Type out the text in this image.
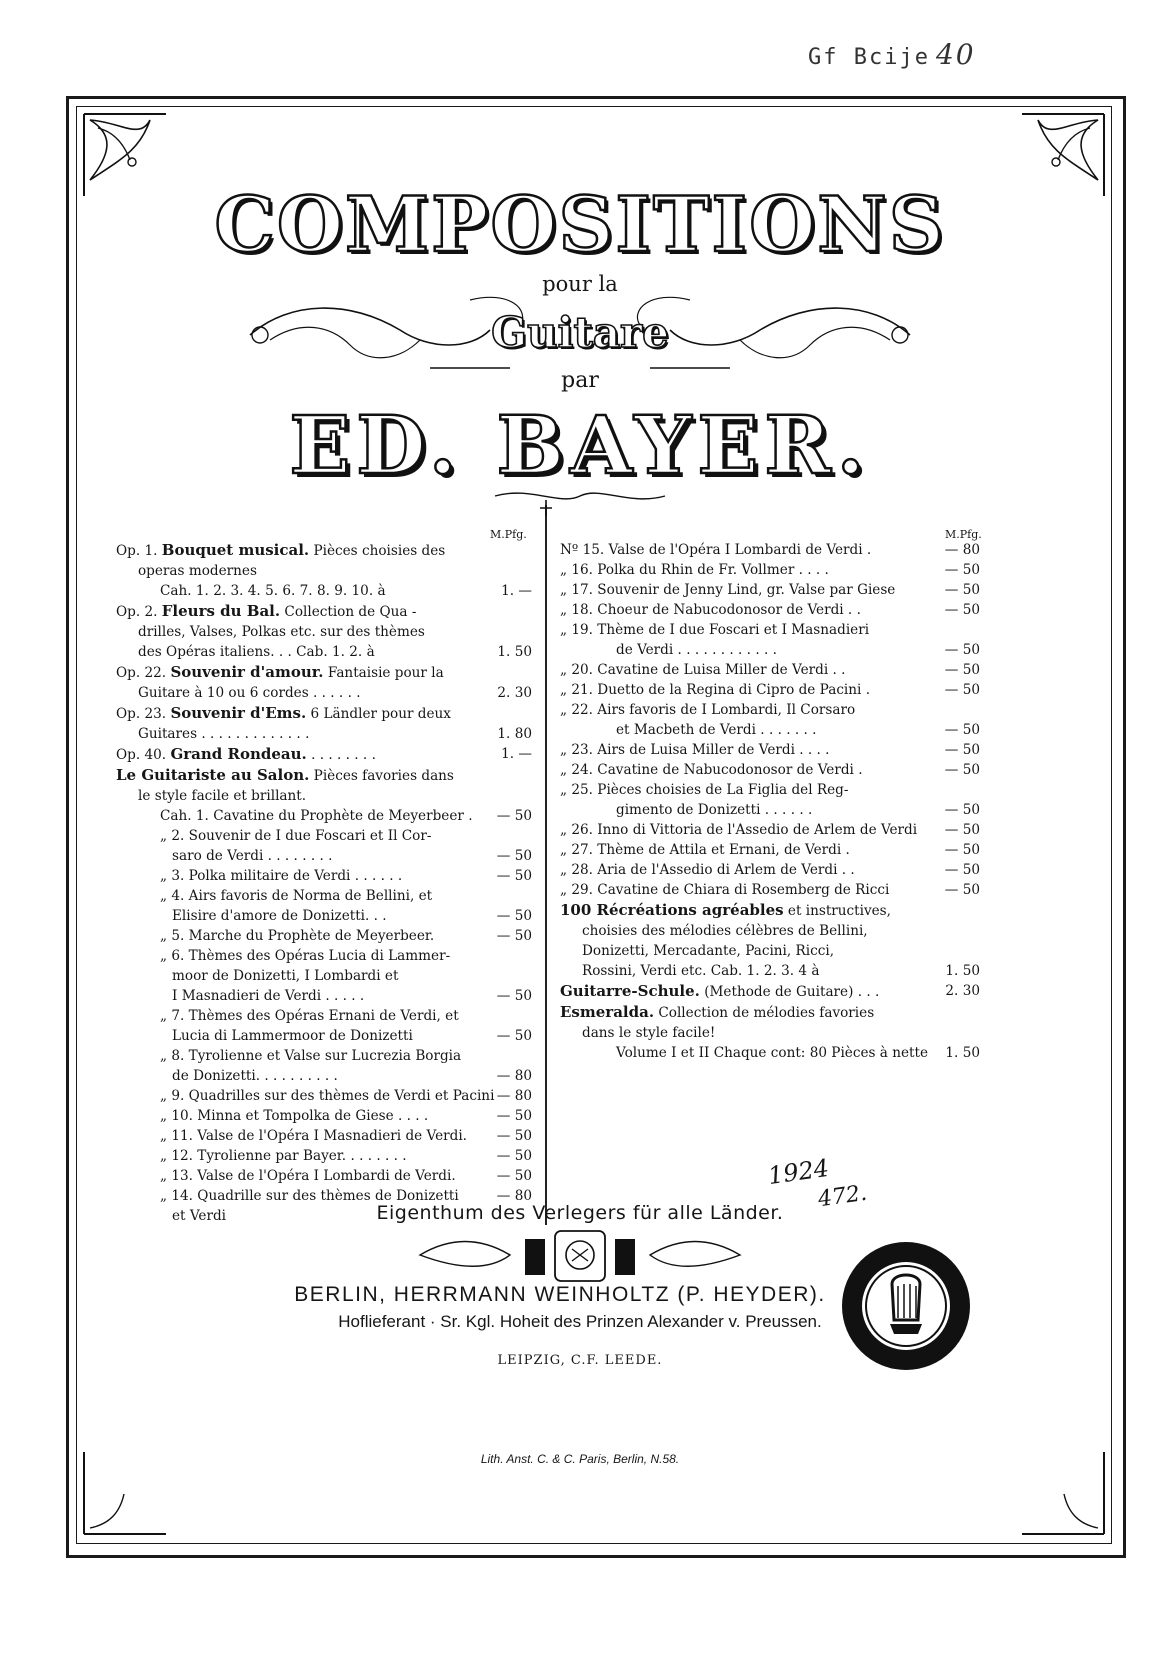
Gf Bcije 40
COMPOSITIONS
pour la
Guitare
par
ED. BAYER.
M.Pfg.	M.Pfg.
Op. 1. Bouquet musical. Pièces choisies des
operas modernes
Cah. 1. 2. 3. 4. 5. 6. 7. 8. 9. 10. à	1. —
Op. 2. Fleurs du Bal. Collection de Qua -
drilles, Valses, Polkas etc. sur des thèmes
des Opéras italiens. . . Cab. 1. 2. à	1. 50
Op. 22. Souvenir d'amour. Fantaisie pour la
Guitare à 10 ou 6 cordes . . . . . .	2. 30
Op. 23. Souvenir d'Ems. 6 Ländler pour deux
Guitares . . . . . . . . . . . . .	1. 80
Op. 40. Grand Rondeau. . . . . . . . .	1. —
Le Guitariste au Salon. Pièces favories dans
le style facile et brillant.
Cah. 1. Cavatine du Prophète de Meyerbeer .	— 50
„ 2. Souvenir de I due Foscari et Il Cor-
saro de Verdi . . . . . . . .	— 50
„ 3. Polka militaire de Verdi . . . . . .	— 50
„ 4. Airs favoris de Norma de Bellini, et
Elisire d'amore de Donizetti. . .	— 50
„ 5. Marche du Prophète de Meyerbeer.	— 50
„ 6. Thèmes des Opéras Lucia di Lammer-
moor de Donizetti, I Lombardi et
I Masnadieri de Verdi . . . . .	— 50
„ 7. Thèmes des Opéras Ernani de Verdi, et
Lucia di Lammermoor de Donizetti	— 50
„ 8. Tyrolienne et Valse sur Lucrezia Borgia
de Donizetti. . . . . . . . . .	— 80
„ 9. Quadrilles sur des thèmes de Verdi et Pacini — 80
„ 10. Minna et Tompolka de Giese . . . .	— 50
„ 11. Valse de l'Opéra I Masnadieri de Verdi.	— 50
„ 12. Tyrolienne par Bayer. . . . . . . .	— 50
„ 13. Valse de l'Opéra I Lombardi de Verdi.	— 50
„ 14. Quadrille sur des thèmes de Donizetti	— 80
et Verdi
Nº 15. Valse de l'Opéra I Lombardi de Verdi .	— 80
„ 16. Polka du Rhin de Fr. Vollmer . . . .	— 50
„ 17. Souvenir de Jenny Lind, gr. Valse par Giese	— 50
„ 18. Choeur de Nabucodonosor de Verdi . .	— 50
„ 19. Thème de I due Foscari et I Masnadieri
de Verdi . . . . . . . . . . . .	— 50
„ 20. Cavatine de Luisa Miller de Verdi . .	— 50
„ 21. Duetto de la Regina di Cipro de Pacini .	— 50
„ 22. Airs favoris de I Lombardi, Il Corsaro
et Macbeth de Verdi . . . . . . .	— 50
„ 23. Airs de Luisa Miller de Verdi . . . .	— 50
„ 24. Cavatine de Nabucodonosor de Verdi .	— 50
„ 25. Pièces choisies de La Figlia del Reg-
gimento de Donizetti . . . . . .	— 50
„ 26. Inno di Vittoria de l'Assedio de Arlem de Verdi	— 50
„ 27. Thème de Attila et Ernani, de Verdi .	— 50
„ 28. Aria de l'Assedio di Arlem de Verdi . .	— 50
„ 29. Cavatine de Chiara di Rosemberg de Ricci	— 50
100 Récréations agréables et instructives,
choisies des mélodies célèbres de Bellini,
Donizetti, Mercadante, Pacini, Ricci,
Rossini, Verdi etc. Cab. 1. 2. 3. 4 à	1. 50
Guitarre-Schule. (Methode de Guitare) . . .	2. 30
Esmeralda. Collection de mélodies favories
dans le style facile!
Volume I et II Chaque cont: 80 Pièces à nette	1. 50
Eigenthum des Verlegers für alle Länder.
BERLIN, HERRMANN WEINHOLTZ (P. HEYDER).
Hoflieferant · Sr. Kgl. Hoheit des Prinzen Alexander v. Preussen.
LEIPZIG, C.F. LEEDE.
Lith. Anst. C. & C. Paris, Berlin, N.58.
1924
472.
